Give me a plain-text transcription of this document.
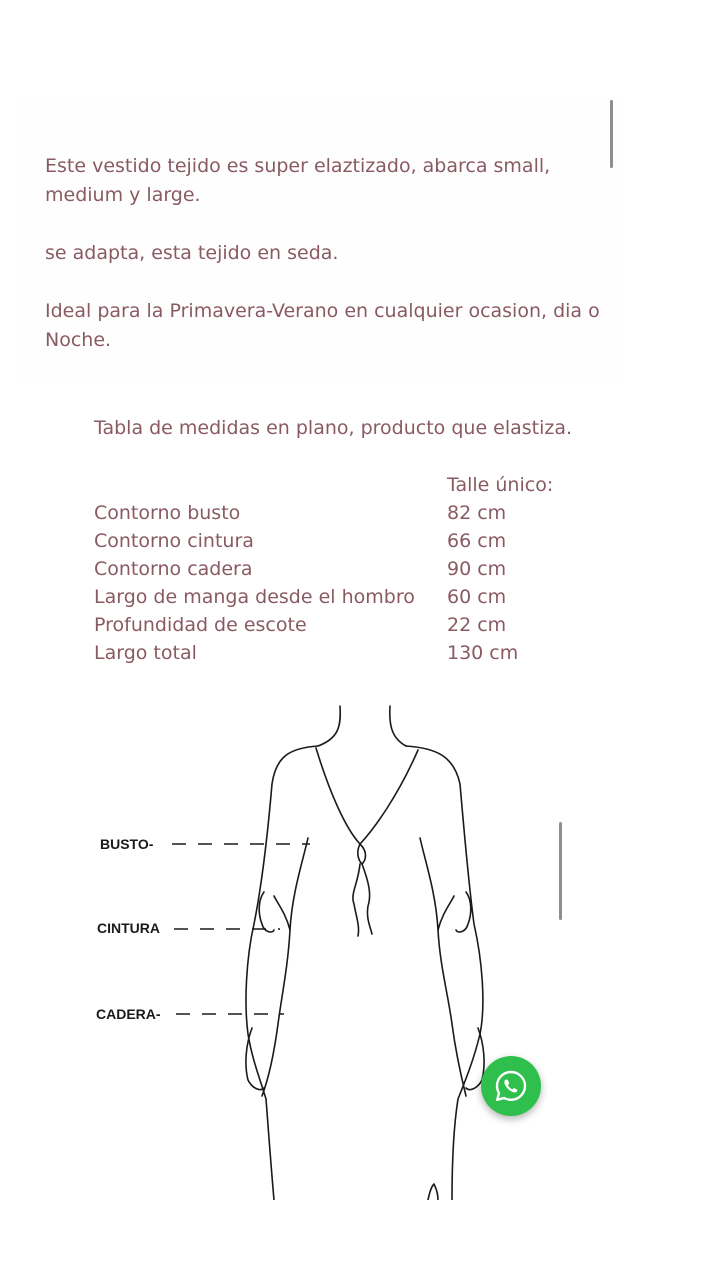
Este vestido tejido es super elaztizado, abarca small, medium y large.

se adapta, esta tejido en seda.

Ideal para la Primavera-Verano en cualquier ocasion, dia o Noche.

Tabla de medidas en plano, producto que elastiza.
Talle único:
Contorno busto	82 cm
Contorno cintura	66 cm
Contorno cadera	90 cm
Largo de manga desde el hombro 60 cm
Profundidad de escote	22 cm
Largo total	130 cm
BUSTO-
CINTURA
CADERA-
